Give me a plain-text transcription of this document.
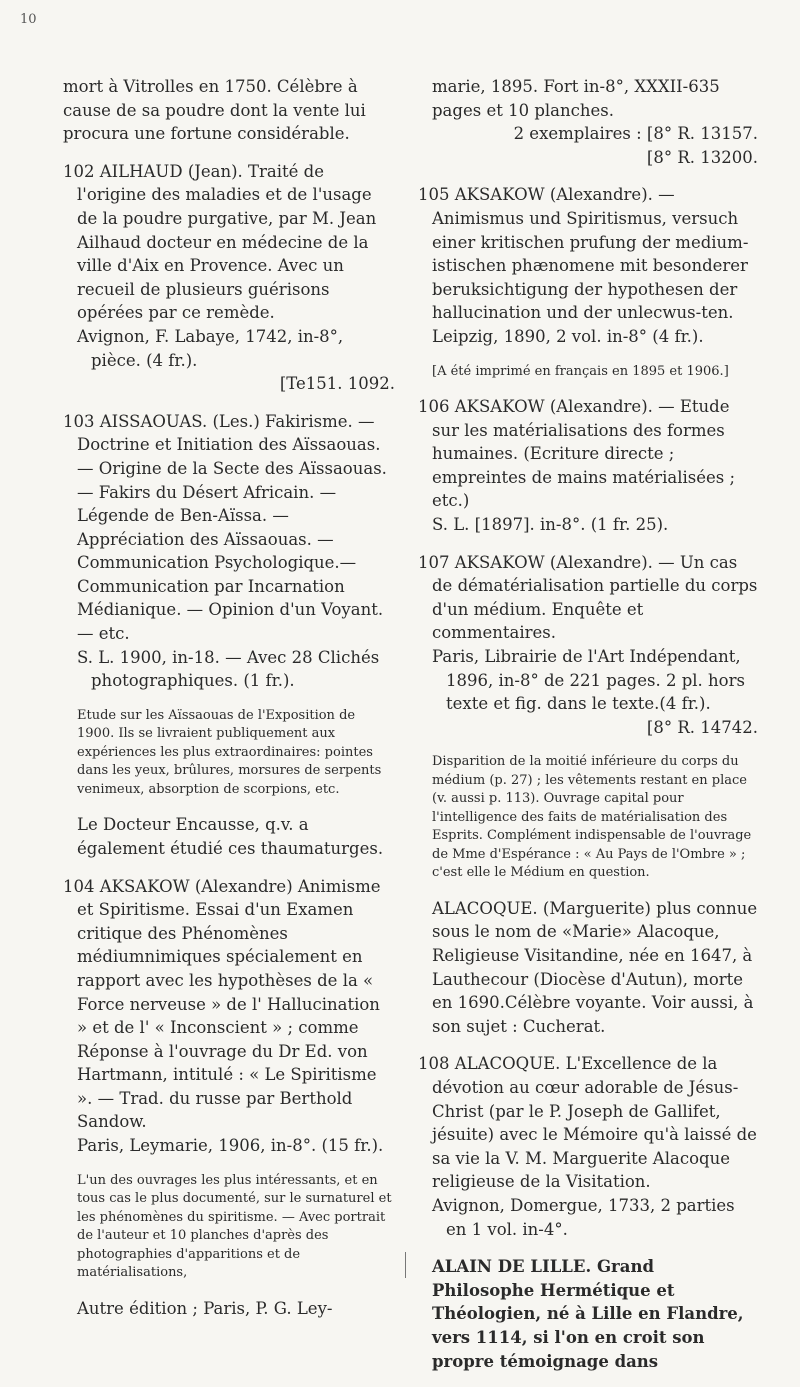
10

mort à Vitrolles en 1750. Célèbre à cause de sa poudre dont la vente lui procura une fortune considérable.

102 AILHAUD (Jean). Traité de l'origine des maladies et de l'usage de la poudre purgative, par M. Jean Ailhaud docteur en médecine de la ville d'Aix en Provence. Avec un recueil de plusieurs guérisons opérées par ce remède.
Avignon, F. Labaye, 1742, in-8°, pièce. (4 fr.).
[Te151. 1092.

103 AISSAOUAS. (Les.) Fakirisme. — Doctrine et Initiation des Aïssaouas. — Origine de la Secte des Aïssaouas. — Fakirs du Désert Africain. — Légende de Ben-Aïssa. — Appréciation des Aïssaouas. — Communication Psychologique.— Communication par Incarnation Médianique. — Opinion d'un Voyant. — etc.
S. L. 1900, in-18. — Avec 28 Clichés photographiques. (1 fr.).

Etude sur les Aïssaouas de l'Exposition de 1900. Ils se livraient publiquement aux expériences les plus extraordinaires: pointes dans les yeux, brûlures, morsures de serpents venimeux, absorption de scorpions, etc.

Le Docteur Encausse, q.v. a également étudié ces thaumaturges.

104 AKSAKOW (Alexandre) Animisme et Spiritisme. Essai d'un Examen critique des Phénomènes médiumnimiques spécialement en rapport avec les hypothèses de la « Force nerveuse » de l' Hallucination » et de l' « Inconscient » ; comme Réponse à l'ouvrage du Dr Ed. von Hartmann, intitulé : « Le Spiritisme ». — Trad. du russe par Berthold Sandow.
Paris, Leymarie, 1906, in-8°. (15 fr.).

L'un des ouvrages les plus intéressants, et en tous cas le plus documenté, sur le surnaturel et les phénomènes du spiritisme. — Avec portrait de l'auteur et 10 planches d'après des photographies d'apparitions et de matérialisations,

Autre édition ; Paris, P. G. Ley-

marie, 1895. Fort in-8°, XXXII-635 pages et 10 planches.
2 exemplaires : [8° R. 13157.
[8° R. 13200.

105 AKSAKOW (Alexandre). — Animismus und Spiritismus, versuch einer kritischen prufung der medium-istischen phænomene mit besonderer beruksichtigung der hypothesen der hallucination und der unlecwus-ten.
Leipzig, 1890, 2 vol. in-8° (4 fr.).

[A été imprimé en français en 1895 et 1906.]

106 AKSAKOW (Alexandre). — Etude sur les matérialisations des formes humaines. (Ecriture directe ; empreintes de mains matérialisées ; etc.)
S. L. [1897]. in-8°. (1 fr. 25).

107 AKSAKOW (Alexandre). — Un cas de dématérialisation partielle du corps d'un médium. Enquête et commentaires.
Paris, Librairie de l'Art Indépendant, 1896, in-8° de 221 pages. 2 pl. hors texte et fig. dans le texte.(4 fr.).
[8° R. 14742.

Disparition de la moitié inférieure du corps du médium (p. 27) ; les vêtements restant en place (v. aussi p. 113). Ouvrage capital pour l'intelligence des faits de matérialisation des Esprits. Complément indispensable de l'ouvrage de Mme d'Espérance : « Au Pays de l'Ombre » ; c'est elle le Médium en question.

ALACOQUE. (Marguerite) plus connue sous le nom de «Marie» Alacoque, Religieuse Visitandine, née en 1647, à Lauthecour (Diocèse d'Autun), morte en 1690.Célèbre voyante. Voir aussi, à son sujet : Cucherat.

108 ALACOQUE. L'Excellence de la dévotion au cœur adorable de Jésus-Christ (par le P. Joseph de Gallifet, jésuite) avec le Mémoire qu'à laissé de sa vie la V. M. Marguerite Alacoque religieuse de la Visitation.
Avignon, Domergue, 1733, 2 parties en 1 vol. in-4°.

ALAIN DE LILLE. Grand Philosophe Hermétique et Théologien, né à Lille en Flandre, vers 1114, si l'on en croit son propre témoignage dans
